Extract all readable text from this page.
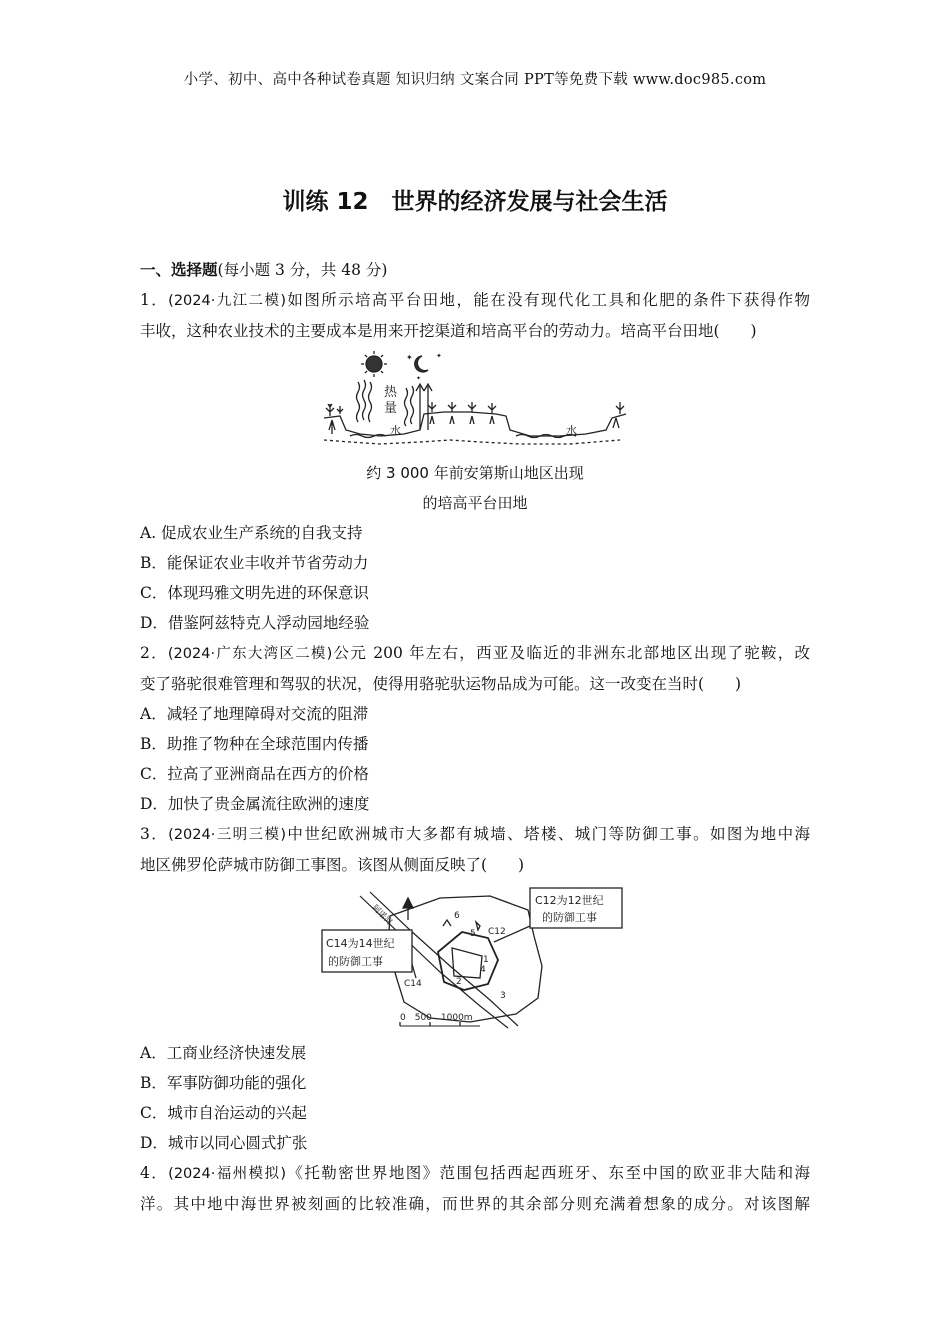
小学、初中、高中各种试卷真题 知识归纳 文案合同 PPT等免费下载 www.doc985.com
训练 12　世界的经济发展与社会生活
一、选择题(每小题 3 分，共 48 分)
1．(2024·九江二模)如图所示培高平台田地，能在没有现代化工具和化肥的条件下获得作物
丰收，这种农业技术的主要成本是用来开挖渠道和培高平台的劳动力。培高平台田地(　　)
✦	✦
✦
热
量
水	水
约 3 000 年前安第斯山地区出现
的培高平台田地
A. 促成农业生产系统的自我支持
B．能保证农业丰收并节省劳动力
C．体现玛雅文明先进的环保意识
D．借鉴阿兹特克人浮动园地经验
2．(2024·广东大湾区二模)公元 200 年左右，西亚及临近的非洲东北部地区出现了驼鞍，改
变了骆驼很难管理和驾驭的状况，使得用骆驼驮运物品成为可能。这一改变在当时(　　)
A．减轻了地理障碍对交流的阻滞
B．助推了物种在全球范围内传播
C．拉高了亚洲商品在西方的价格
D．加快了贵金属流往欧洲的速度
3．(2024·三明三模)中世纪欧洲城市大多都有城墙、塔楼、城门等防御工事。如图为地中海
地区佛罗伦萨城市防御工事图。该图从侧面反映了(　　)
阿诺河
C12为12世纪
的防御工事
C14为14世纪
的防御工事
C12
C14
1
2
3
4
5
6
0　500　1000m
A．工商业经济快速发展
B．军事防御功能的强化
C．城市自治运动的兴起
D．城市以同心圆式扩张
4．(2024·福州模拟)《托勒密世界地图》范围包括西起西班牙、东至中国的欧亚非大陆和海
洋。其中地中海世界被刻画的比较准确，而世界的其余部分则充满着想象的成分。对该图解
